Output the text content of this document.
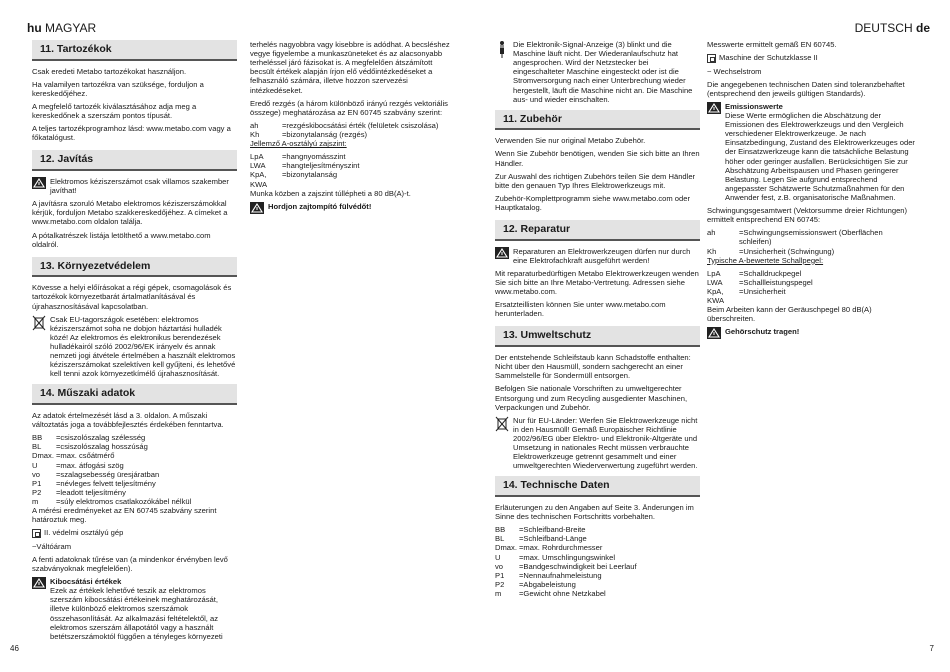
hu MAGYAR	DEUTSCH de
11. Tartozékok

Csak eredeti Metabo tartozékokat használjon.

Ha valamilyen tartozékra van szüksége, forduljon a kereskedőjéhez.

A megfelelő tartozék kiválasztásához adja meg a kereskedőnek a szerszám pontos típusát.

A teljes tartozékprogramhoz lásd: www.metabo.com vagy a főkatalógust.

12. Javítás
Elektromos kéziszerszámot csak villamos szakember javíthat!

A javításra szoruló Metabo elektromos kéziszerszámokkal kérjük, forduljon Metabo szakkereskedőjéhez. A címeket a www.metabo.com oldalon találja.

A pótalkatrészek listája letölthető a www.metabo.com oldalról.

13. Környezetvédelem

Kövesse a helyi előírásokat a régi gépek, csomagolások és tartozékok környezetbarát ártalmatlanításával és újrahasznosításával kapcsolatban.

Csak EU-tagországok esetében: elektromos kéziszerszámot soha ne dobjon háztartási hulladék közé! Az elektromos és elektronikus berendezések hulladékairól szóló 2002/96/EK irányelv és annak nemzeti jogi átvétele értelmében a használt elektromos kéziszerszámokat szelektíven kell gyűjteni, és lehetővé kell tenni azok környezetkímélő újrahasznosítását.
14. Műszaki adatok

Az adatok értelmezését lásd a 3. oldalon. A műszaki változtatás joga a továbbfejlesztés érdekében fenntartva.

BB	=csiszolószalag szélesség
BL	=csiszolószalag hosszúság
Dmax. =max. csőátmérő
U	=max. átfogási szög
vo	=szalagsebesség üresjáratban
P1	=névleges felvett teljesítmény
P2	=leadott teljesítmény
m	=súly elektromos csatlakozókábel nélkül

A mérési eredményeket az EN 60745 szabvány szerint határoztuk meg.

II. védelmi osztályú gép

~Váltóáram

A fenti adatoknak tűrése van (a mindenkor érvényben levő szabványoknak megfelelően).

Kibocsátási értékek
Ezek az értékek lehetővé teszik az elektromos szerszám kibocsátási értékeinek meghatározását, illetve különböző elektromos szerszámok összehasonlítását. Az alkalmazási feltételektől, az elektromos szerszám állapotától vagy a használt betétszerszámoktól függően a tényleges környezeti
46

terhelés nagyobbra vagy kisebbre is adódhat. A becsléshez vegye figyelembe a munkaszüneteket és az alacsonyabb terheléssel járó fázisokat is. A megfelelően átszámított becsült értékek alapján írjon elő védőintézkedéseket a felhasználó számára, illetve hozzon szervezési intézkedéseket.

Eredő rezgés (a három különböző irányú rezgés vektoriális összege) meghatározása az EN 60745 szabvány szerint:

ah	=rezgéskibocsátási érték (felületek csiszolása)
Kh	=bizonytalanság (rezgés)

Jellemző A-osztályú zajszint:

LpA	=hangnyomásszint
LWA	=hangteljesítményszint
KpA, KWA
=bizonytalanság

Munka közben a zajszint túllépheti a 80 dB(A)-t.

Hordjon zajtompító fülvédőt!
Die Elektronik-Signal-Anzeige (3) blinkt und die Maschine läuft nicht. Der Wiederanlaufschutz hat angesprochen. Wird der Netzstecker bei eingeschalteter Maschine eingesteckt oder ist die Stromversorgung nach einer Unterbrechung wieder hergestellt, läuft die Maschine nicht an. Die Maschine aus- und wieder einschalten.
11. Zubehör

Verwenden Sie nur original Metabo Zubehör.

Wenn Sie Zubehör benötigen, wenden Sie sich bitte an Ihren Händler.

Zur Auswahl des richtigen Zubehörs teilen Sie dem Händler bitte den genauen Typ Ihres Elektrowerkzeugs mit.

Zubehör-Komplettprogramm siehe www.metabo.com oder Hauptkatalog.

12. Reparatur
Reparaturen an Elektrowerkzeugen dürfen nur durch eine Elektrofachkraft ausgeführt werden!

Mit reparaturbedürftigen Metabo Elektrowerkzeugen wenden Sie sich bitte an Ihre Metabo-Vertretung. Adressen siehe www.metabo.com.

Ersatzteillisten können Sie unter www.metabo.com herunterladen.

13. Umweltschutz

Der entstehende Schleifstaub kann Schadstoffe enthalten: Nicht über den Hausmüll, sondern sachgerecht an einer Sammelstelle für Sondermüll entsorgen.

Befolgen Sie nationale Vorschriften zu umweltgerechter Entsorgung und zum Recycling ausgedienter Maschinen, Verpackungen und Zubehör.

Nur für EU-Länder: Werfen Sie Elektrowerkzeuge nicht in den Hausmüll! Gemäß Europäischer Richtlinie 2002/96/EG über Elektro- und Elektronik-Altgeräte und Umsetzung in nationales Recht müssen verbrauchte Elektrowerkzeuge getrennt gesammelt und einer umweltgerechten Wiederverwertung zugeführt werden.
14. Technische Daten

Erläuterungen zu den Angaben auf Seite 3. Änderungen im Sinne des technischen Fortschritts vorbehalten.

BB	=Schleifband-Breite
BL	=Schleifband-Länge
Dmax. =max. Rohrdurchmesser
U	=max. Umschlingungswinkel
vo	=Bandgeschwindigkeit bei Leerlauf
P1	=Nennaufnahmeleistung
P2	=Abgabeleistung
m	=Gewicht ohne Netzkabel

Messwerte ermittelt gemäß EN 60745.

Maschine der Schutzklasse II

~ Wechselstrom

Die angegebenen technischen Daten sind toleranzbehaftet (entsprechend den jeweils gültigen Standards).

Emissionswerte
Diese Werte ermöglichen die Abschätzung der Emissionen des Elektrowerkzeugs und den Vergleich verschiedener Elektrowerkzeuge. Je nach Einsatzbedingung, Zustand des Elektrowerkzeuges oder der Einsatzwerkzeuge kann die tatsächliche Belastung höher oder geringer ausfallen. Berücksichtigen Sie zur Abschätzung Arbeitspausen und Phasen geringerer Belastung. Legen Sie aufgrund entsprechend angepasster Schätzwerte Schutzmaßnahmen für den Anwender fest, z.B. organisatorische Maßnahmen.

Schwingungsgesamtwert (Vektorsumme dreier Richtungen) ermittelt entsprechend EN 60745:

ah	=Schwingungsemissionswert (Oberflächen schleifen)
Kh	=Unsicherheit (Schwingung)

Typische A-bewertete Schallpegel:

LpA	=Schalldruckpegel
LWA	=Schallleistungspegel
KpA, KWA
=Unsicherheit

Beim Arbeiten kann der Geräuschpegel 80 dB(A) überschreiten.

Gehörschutz tragen!
7
